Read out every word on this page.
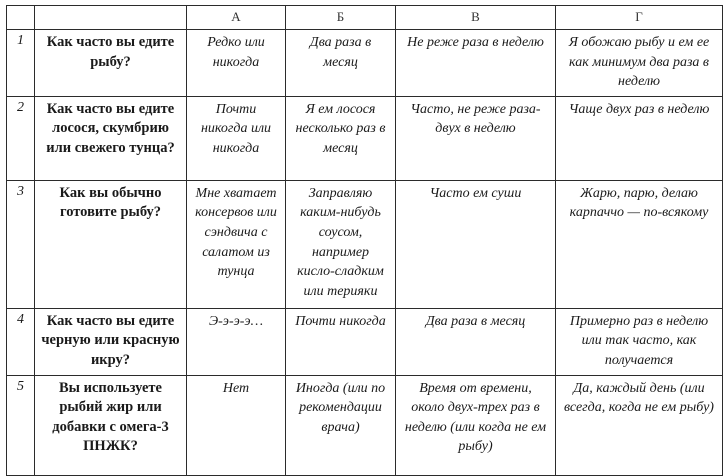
		А	Б	В	Г
1	Как часто вы едите рыбу?	Редко или никогда	Два раза в месяц	Не реже раза в неделю	Я обожаю рыбу и ем ее как минимум два раза в неделю
2	Как часто вы едите лосося, скумбрию или свежего тунца?	Почти никогда или никогда	Я ем лосося несколько раз в месяц	Часто, не реже раза-двух в неделю	Чаще двух раз в неделю
3	Как вы обычно готовите рыбу?	Мне хватает консервов или сэндвича с салатом из тунца	Заправляю каким-нибудь соусом, например кисло-сладким или терияки	Часто ем суши	Жарю, парю, делаю карпаччо — по-всякому
4	Как часто вы едите черную или красную икру?	Э-э-э-э…	Почти никогда	Два раза в месяц	Примерно раз в неделю или так часто, как получается
5	Вы используете рыбий жир или добавки с омега-3 ПНЖК?	Нет	Иногда (или по рекомендации врача)	Время от времени, около двух-трех раз в неделю (или когда не ем рыбу)	Да, каждый день (или всегда, когда не ем рыбу)
